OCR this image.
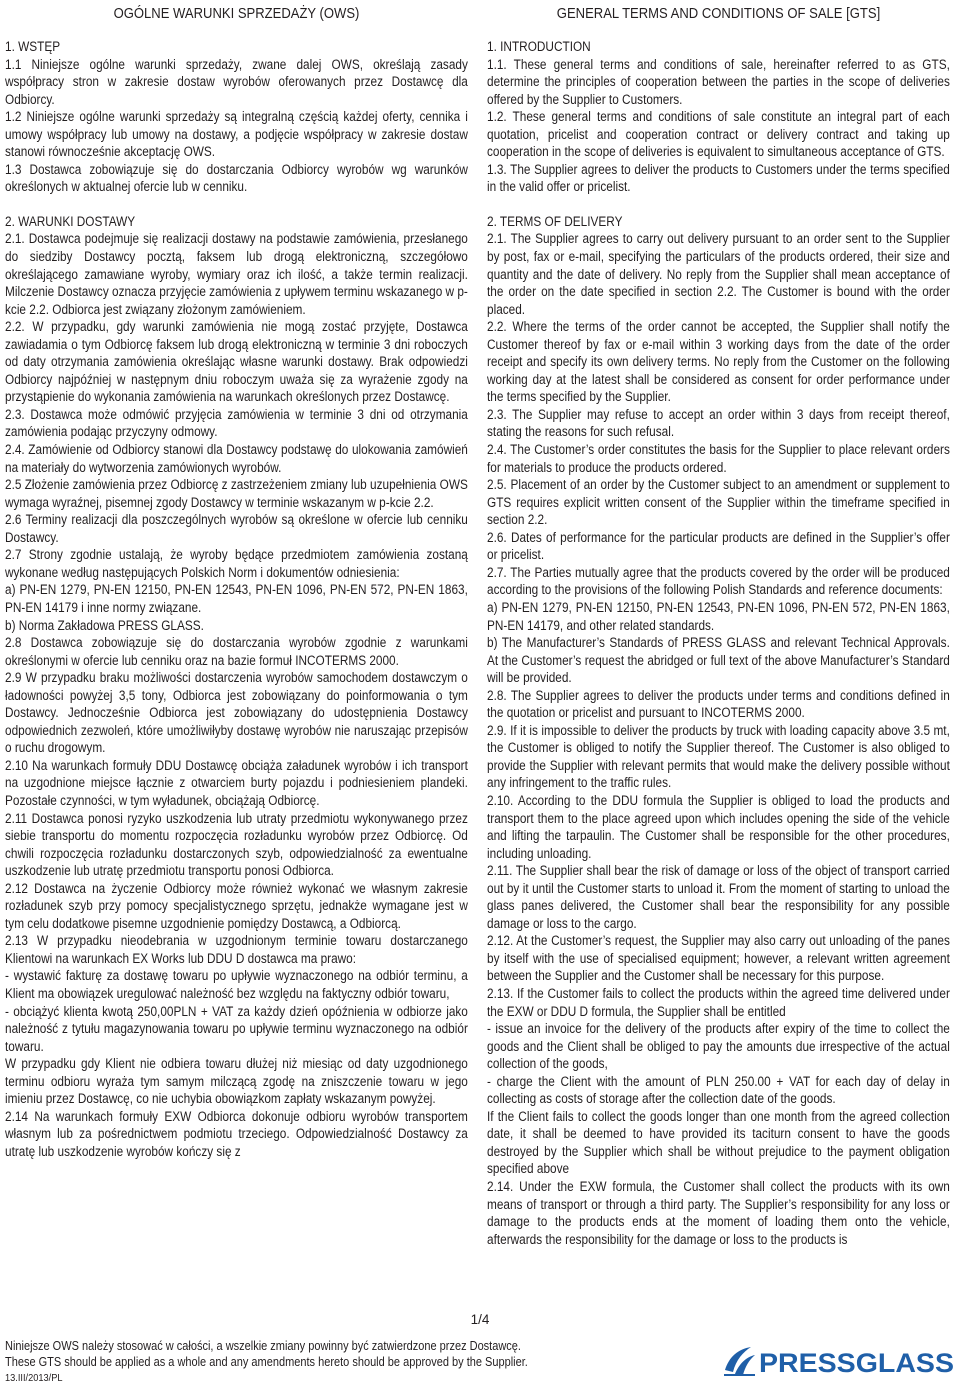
OGÓLNE WARUNKI SPRZEDAŻY (OWS)	GENERAL TERMS AND CONDITIONS OF SALE [GTS]
1. WSTĘP

1.1 Niniejsze ogólne warunki sprzedaży, zwane dalej OWS, określają zasady współpracy stron w zakresie dostaw wyrobów oferowanych przez Dostawcę dla Odbiorcy.

1.2 Niniejsze ogólne warunki sprzedaży są integralną częścią każdej oferty, cennika i umowy współpracy lub umowy na dostawy, a podjęcie współpracy w zakresie dostaw stanowi równocześnie akceptację OWS.

1.3 Dostawca zobowiązuje się do dostarczania Odbiorcy wyrobów wg warunków określonych w aktualnej ofercie lub w cenniku.

2. WARUNKI DOSTAWY

2.1. Dostawca podejmuje się realizacji dostawy na podstawie zamówienia, przesłanego do siedziby Dostawcy pocztą, faksem lub drogą elektroniczną, szczegółowo określającego zamawiane wyroby, wymiary oraz ich ilość, a także termin realizacji. Milczenie Dostawcy oznacza przyjęcie zamówienia z upływem terminu wskazanego w p-kcie 2.2. Odbiorca jest związany złożonym zamówieniem.

2.2. W przypadku, gdy warunki zamówienia nie mogą zostać przyjęte, Dostawca zawiadamia o tym Odbiorcę faksem lub drogą elektroniczną w terminie 3 dni roboczych od daty otrzymania zamówienia określając własne warunki dostawy. Brak odpowiedzi Odbiorcy najpóźniej w następnym dniu roboczym uważa się za wyrażenie zgody na przystąpienie do wykonania zamówienia na warunkach określonych przez Dostawcę.

2.3. Dostawca może odmówić przyjęcia zamówienia w terminie 3 dni od otrzymania zamówienia podając przyczyny odmowy.

2.4. Zamówienie od Odbiorcy stanowi dla Dostawcy podstawę do ulokowania zamówień na materiały do wytworzenia zamówionych wyrobów.

2.5 Złożenie zamówienia przez Odbiorcę z zastrzeżeniem zmiany lub uzupełnienia OWS wymaga wyraźnej, pisemnej zgody Dostawcy w terminie wskazanym w p-kcie 2.2.

2.6 Terminy realizacji dla poszczególnych wyrobów są określone w ofercie lub cenniku Dostawcy.

2.7 Strony zgodnie ustalają, że wyroby będące przedmiotem zamówienia zostaną wykonane według następujących Polskich Norm i dokumentów odniesienia:

a) PN-EN 1279, PN-EN 12150, PN-EN 12543, PN-EN 1096, PN-EN 572, PN-EN 1863, PN-EN 14179 i inne normy związane.

b) Norma Zakładowa PRESS GLASS.

2.8 Dostawca zobowiązuje się do dostarczania wyrobów zgodnie z warunkami określonymi w ofercie lub cenniku oraz na bazie formuł INCOTERMS 2000.

2.9 W przypadku braku możliwości dostarczenia wyrobów samochodem dostawczym o ładowności powyżej 3,5 tony, Odbiorca jest zobowiązany do poinformowania o tym Dostawcy. Jednocześnie Odbiorca jest zobowiązany do udostępnienia Dostawcy odpowiednich zezwoleń, które umożliwiłyby dostawę wyrobów nie naruszając przepisów o ruchu drogowym.

2.10 Na warunkach formuły DDU Dostawcę obciąża załadunek wyrobów i ich transport na uzgodnione miejsce łącznie z otwarciem burty pojazdu i podniesieniem plandeki. Pozostałe czynności, w tym wyładunek, obciążają Odbiorcę.

2.11 Dostawca ponosi ryzyko uszkodzenia lub utraty przedmiotu wykonywanego przez siebie transportu do momentu rozpoczęcia rozładunku wyrobów przez Odbiorcę. Od chwili rozpoczęcia rozładunku dostarczonych szyb, odpowiedzialność za ewentualne uszkodzenie lub utratę przedmiotu transportu ponosi Odbiorca.

2.12 Dostawca na życzenie Odbiorcy może również wykonać we własnym zakresie rozładunek szyb przy pomocy specjalistycznego sprzętu, jednakże wymagane jest w tym celu dodatkowe pisemne uzgodnienie pomiędzy Dostawcą, a Odbiorcą.

2.13 W przypadku nieodebrania w uzgodnionym terminie towaru dostarczanego Klientowi na warunkach EX Works lub DDU D dostawca ma prawo:

- wystawić fakturę za dostawę towaru po upływie wyznaczonego na odbiór terminu, a Klient ma obowiązek uregulować należność bez względu na faktyczny odbiór towaru,

- obciążyć klienta kwotą 250,00PLN + VAT za każdy dzień opóźnienia w odbiorze jako należność z tytułu magazynowania towaru po upływie terminu wyznaczonego na odbiór towaru.

W przypadku gdy Klient nie odbiera towaru dłużej niż miesiąc od daty uzgodnionego terminu odbioru wyraża tym samym milczącą zgodę na zniszczenie towaru w jego imieniu przez Dostawcę, co nie uchybia obowiązkom zapłaty wskazanym powyżej.

2.14 Na warunkach formuły EXW Odbiorca dokonuje odbioru wyrobów transportem własnym lub za pośrednictwem podmiotu trzeciego. Odpowiedzialność Dostawcy za utratę lub uszkodzenie wyrobów kończy się z

1. INTRODUCTION

1.1. These general terms and conditions of sale, hereinafter referred to as GTS, determine the principles of cooperation between the parties in the scope of deliveries offered by the Supplier to Customers.

1.2. These general terms and conditions of sale constitute an integral part of each quotation, pricelist and cooperation contract or delivery contract and taking up cooperation in the scope of deliveries is equivalent to simultaneous acceptance of GTS.

1.3. The Supplier agrees to deliver the products to Customers under the terms specified in the valid offer or pricelist.

2. TERMS OF DELIVERY

2.1. The Supplier agrees to carry out delivery pursuant to an order sent to the Supplier by post, fax or e-mail, specifying the particulars of the products ordered, their size and quantity and the date of delivery. No reply from the Supplier shall mean acceptance of the order on the date specified in section 2.2. The Customer is bound with the order placed.

2.2. Where the terms of the order cannot be accepted, the Supplier shall notify the Customer thereof by fax or e-mail within 3 working days from the date of the order receipt and specify its own delivery terms. No reply from the Customer on the following working day at the latest shall be considered as consent for order performance under the terms specified by the Supplier.

2.3. The Supplier may refuse to accept an order within 3 days from receipt thereof, stating the reasons for such refusal.

2.4. The Customer’s order constitutes the basis for the Supplier to place relevant orders for materials to produce the products ordered.

2.5. Placement of an order by the Customer subject to an amendment or supplement to GTS requires explicit written consent of the Supplier within the timeframe specified in section 2.2.

2.6. Dates of performance for the particular products are defined in the Supplier’s offer or pricelist.

2.7. The Parties mutually agree that the products covered by the order will be produced according to the provisions of the following Polish Standards and reference documents:

a) PN-EN 1279, PN-EN 12150, PN-EN 12543, PN-EN 1096, PN-EN 572, PN-EN 1863, PN-EN 14179, and other related standards.

b) The Manufacturer’s Standards of PRESS GLASS and relevant Technical Approvals. At the Customer’s request the abridged or full text of the above Manufacturer’s Standard will be provided.

2.8. The Supplier agrees to deliver the products under terms and conditions defined in the quotation or pricelist and pursuant to INCOTERMS 2000.

2.9. If it is impossible to deliver the products by truck with loading capacity above 3.5 mt, the Customer is obliged to notify the Supplier thereof. The Customer is also obliged to provide the Supplier with relevant permits that would make the delivery possible without any infringement to the traffic rules.

2.10. According to the DDU formula the Supplier is obliged to load the products and transport them to the place agreed upon which includes opening the side of the vehicle and lifting the tarpaulin. The Customer shall be responsible for the other procedures, including unloading.

2.11. The Supplier shall bear the risk of damage or loss of the object of transport carried out by it until the Customer starts to unload it. From the moment of starting to unload the glass panes delivered, the Customer shall bear the responsibility for any possible damage or loss to the cargo.

2.12. At the Customer’s request, the Supplier may also carry out unloading of the panes by itself with the use of specialised equipment; however, a relevant written agreement between the Supplier and the Customer shall be necessary for this purpose.

2.13. If the Customer fails to collect the products within the agreed time delivered under the EXW or DDU D formula, the Supplier shall be entitled

- issue an invoice for the delivery of the products after expiry of the time to collect the goods and the Client shall be obliged to pay the amounts due irrespective of the actual collection of the goods,

- charge the Client with the amount of PLN 250.00 + VAT for each day of delay in collecting as costs of storage after the collection date of the goods.

If the Client fails to collect the goods longer than one month from the agreed collection date, it shall be deemed to have provided its taciturn consent to have the goods destroyed by the Supplier which shall be without prejudice to the payment obligation specified above

2.14. Under the EXW formula, the Customer shall collect the products with its own means of transport or through a third party. The Supplier’s responsibility for any loss or damage to the products ends at the moment of loading them onto the vehicle, afterwards the responsibility for the damage or loss to the products is

1/4
Niniejsze OWS należy stosować w całości, a wszelkie zmiany powinny być zatwierdzone przez Dostawcę.
These GTS should be applied as a whole and any amendments hereto should be approved by the Supplier.
13.III/2013/PL	PRESS GLASS
